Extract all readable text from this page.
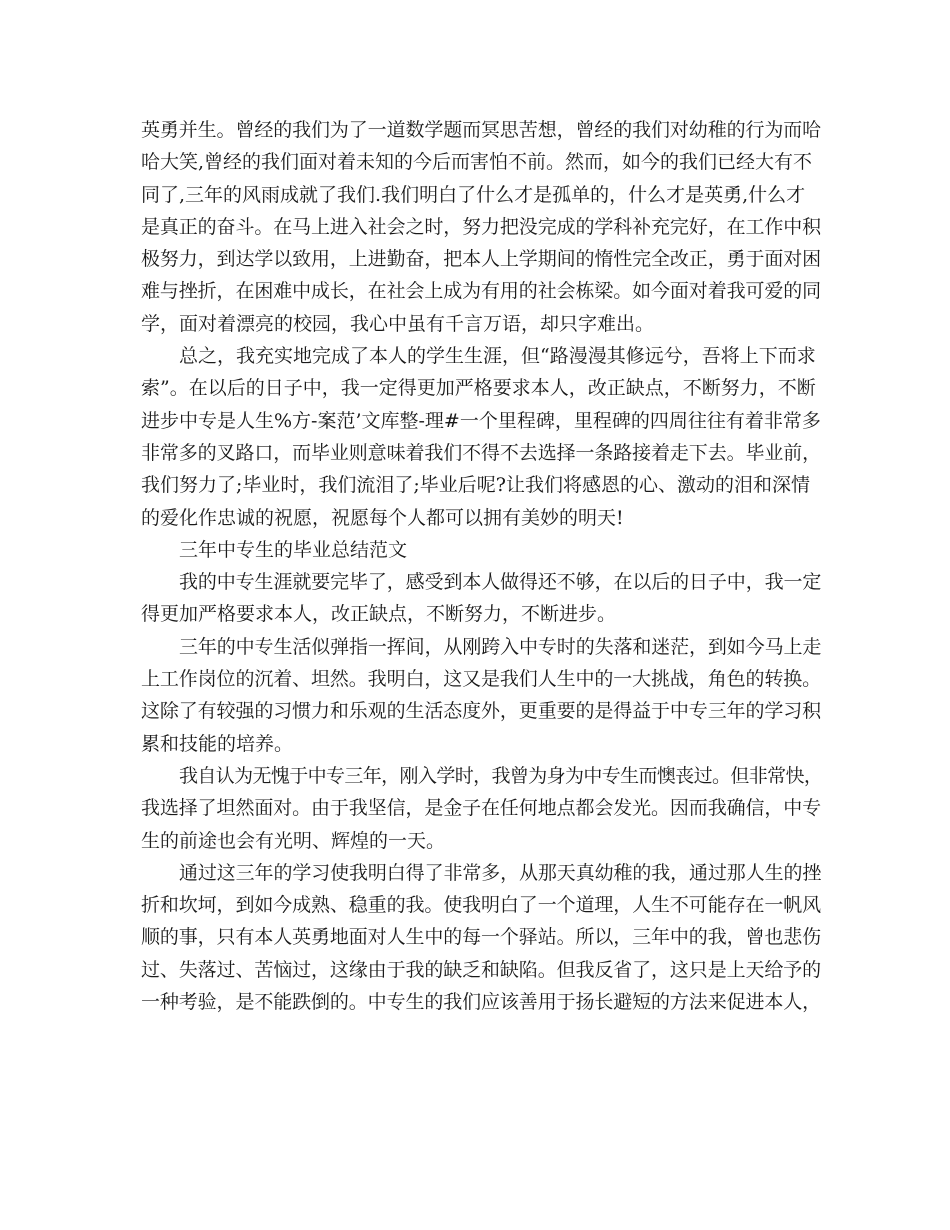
英勇并生。曾经的我们为了一道数学题而冥思苦想，曾经的我们对幼稚的行为而哈
哈大笑,曾经的我们面对着未知的今后而害怕不前。然而，如今的我们已经大有不
同了,三年的风雨成就了我们.我们明白了什么才是孤单的，什么才是英勇,什么才
是真正的奋斗。在马上进入社会之时，努力把没完成的学科补充完好，在工作中积
极努力，到达学以致用，上进勤奋，把本人上学期间的惰性完全改正，勇于面对困
难与挫折，在困难中成长，在社会上成为有用的社会栋梁。如今面对着我可爱的同
学，面对着漂亮的校园，我心中虽有千言万语，却只字难出。
总之，我充实地完成了本人的学生生涯，但“路漫漫其修远兮，吾将上下而求
索”。在以后的日子中，我一定得更加严格要求本人，改正缺点，不断努力，不断
进步中专是人生%方-案范’文库整-理#一个里程碑，里程碑的四周往往有着非常多
非常多的叉路口，而毕业则意味着我们不得不去选择一条路接着走下去。毕业前，
我们努力了;毕业时，我们流泪了;毕业后呢?让我们将感恩的心、激动的泪和深情
的爱化作忠诚的祝愿，祝愿每个人都可以拥有美妙的明天!
三年中专生的毕业总结范文
我的中专生涯就要完毕了，感受到本人做得还不够，在以后的日子中，我一定
得更加严格要求本人，改正缺点，不断努力，不断进步。
三年的中专生活似弹指一挥间，从刚跨入中专时的失落和迷茫，到如今马上走
上工作岗位的沉着、坦然。我明白，这又是我们人生中的一大挑战，角色的转换。
这除了有较强的习惯力和乐观的生活态度外，更重要的是得益于中专三年的学习积
累和技能的培养。
我自认为无愧于中专三年，刚入学时，我曾为身为中专生而懊丧过。但非常快，
我选择了坦然面对。由于我坚信，是金子在任何地点都会发光。因而我确信，中专
生的前途也会有光明、辉煌的一天。
通过这三年的学习使我明白得了非常多，从那天真幼稚的我，通过那人生的挫
折和坎坷，到如今成熟、稳重的我。使我明白了一个道理，人生不可能存在一帆风
顺的事，只有本人英勇地面对人生中的每一个驿站。所以，三年中的我，曾也悲伤
过、失落过、苦恼过，这缘由于我的缺乏和缺陷。但我反省了，这只是上天给予的
一种考验，是不能跌倒的。中专生的我们应该善用于扬长避短的方法来促进本人，
